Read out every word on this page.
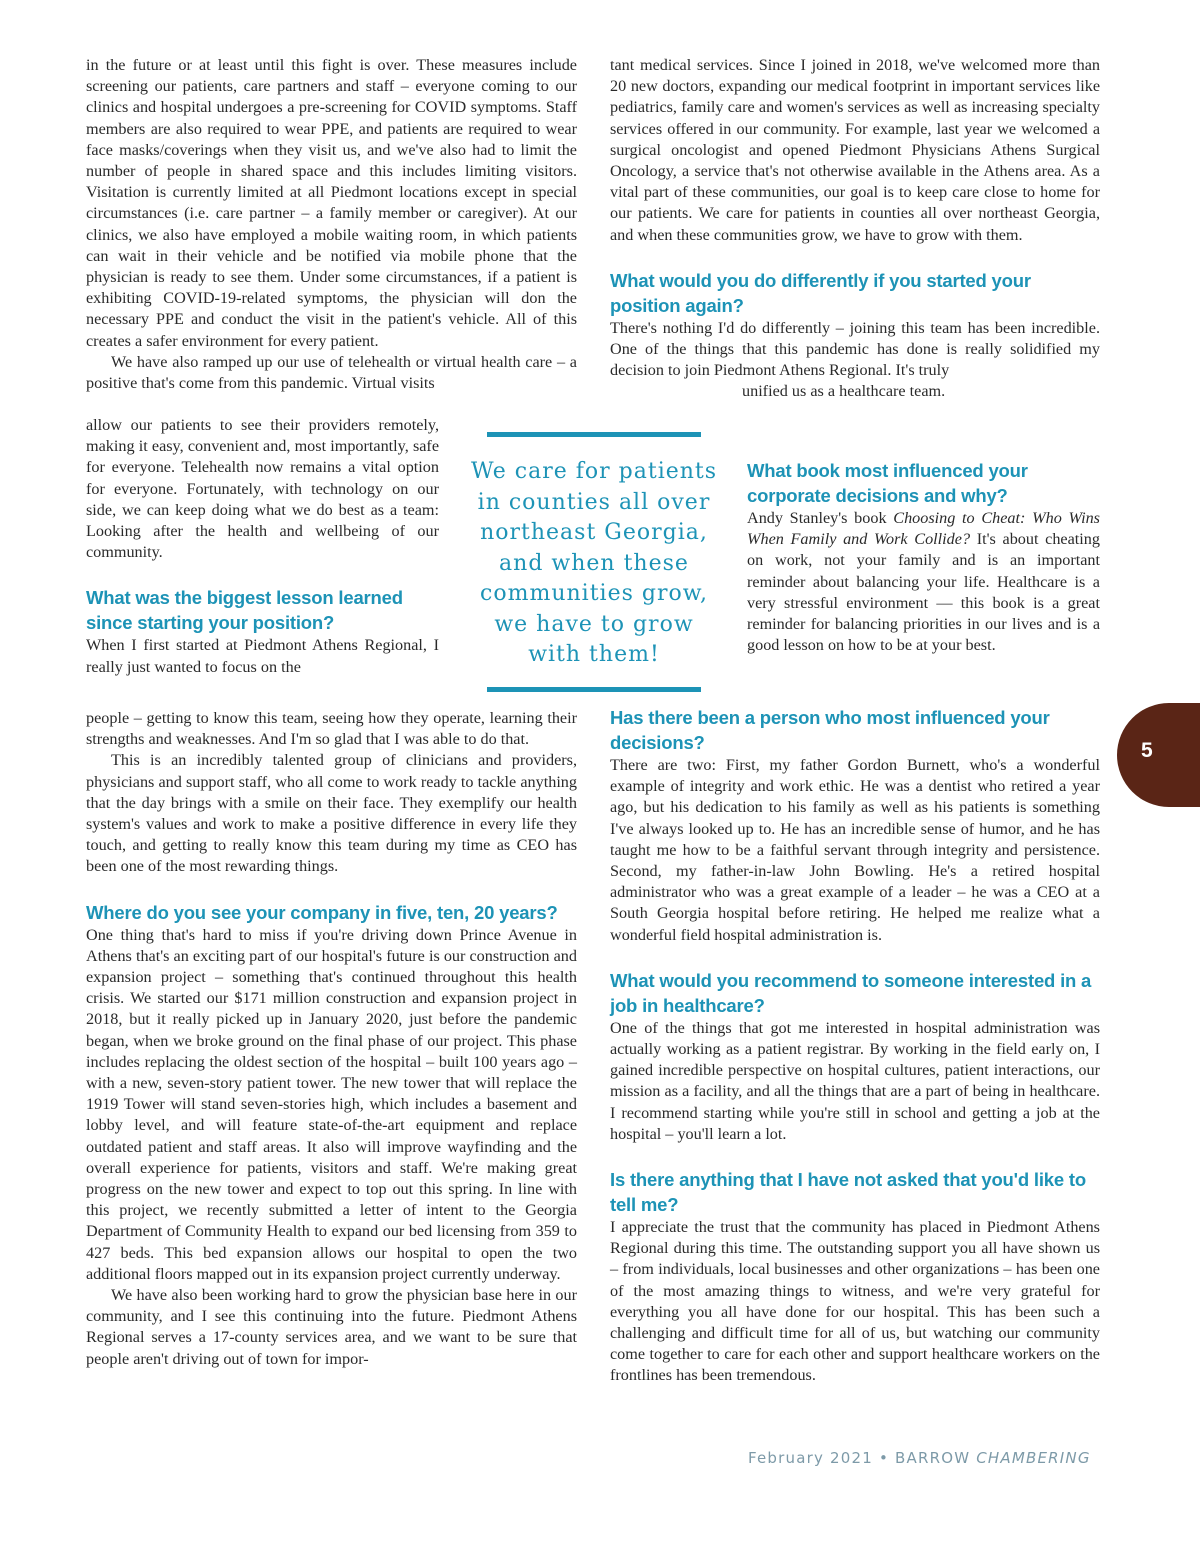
in the future or at least until this fight is over. These measures include screening our patients, care partners and staff – everyone coming to our clinics and hospital undergoes a pre-screening for COVID symptoms. Staff members are also required to wear PPE, and patients are required to wear face masks/coverings when they visit us, and we've also had to limit the number of people in shared space and this includes limiting visitors. Visitation is currently limited at all Piedmont locations except in special circumstances (i.e. care partner – a family member or caregiver). At our clinics, we also have employed a mobile waiting room, in which patients can wait in their vehicle and be notified via mobile phone that the physician is ready to see them. Under some circumstances, if a patient is exhibiting COVID-19-related symptoms, the physician will don the necessary PPE and conduct the visit in the patient's vehicle. All of this creates a safer environment for every patient.

We have also ramped up our use of telehealth or virtual health care – a positive that's come from this pandemic. Virtual visits

allow our patients to see their providers remotely, making it easy, convenient and, most importantly, safe for everyone. Telehealth now remains a vital option for everyone. Fortunately, with technology on our side, we can keep doing what we do best as a team: Looking after the health and wellbeing of our community.

What was the biggest lesson learned since starting your position?

When I first started at Piedmont Athens Regional, I really just wanted to focus on the

people – getting to know this team, seeing how they operate, learning their strengths and weaknesses. And I'm so glad that I was able to do that.

This is an incredibly talented group of clinicians and providers, physicians and support staff, who all come to work ready to tackle anything that the day brings with a smile on their face. They exemplify our health system's values and work to make a positive difference in every life they touch, and getting to really know this team during my time as CEO has been one of the most rewarding things.

Where do you see your company in five, ten, 20 years?

One thing that's hard to miss if you're driving down Prince Avenue in Athens that's an exciting part of our hospital's future is our construction and expansion project – something that's continued throughout this health crisis. We started our $171 million construction and expansion project in 2018, but it really picked up in January 2020, just before the pandemic began, when we broke ground on the final phase of our project. This phase includes replacing the oldest section of the hospital – built 100 years ago – with a new, seven-story patient tower. The new tower that will replace the 1919 Tower will stand seven-stories high, which includes a basement and lobby level, and will feature state-of-the-art equipment and replace outdated patient and staff areas. It also will improve wayfinding and the overall experience for patients, visitors and staff. We're making great progress on the new tower and expect to top out this spring. In line with this project, we recently submitted a letter of intent to the Georgia Department of Community Health to expand our bed licensing from 359 to 427 beds. This bed expansion allows our hospital to open the two additional floors mapped out in its expansion project currently underway.

We have also been working hard to grow the physician base here in our community, and I see this continuing into the future. Piedmont Athens Regional serves a 17-county services area, and we want to be sure that people aren't driving out of town for impor-

tant medical services. Since I joined in 2018, we've welcomed more than 20 new doctors, expanding our medical footprint in important services like pediatrics, family care and women's services as well as increasing specialty services offered in our community. For example, last year we welcomed a surgical oncologist and opened Piedmont Physicians Athens Surgical Oncology, a service that's not otherwise available in the Athens area. As a vital part of these communities, our goal is to keep care close to home for our patients. We care for patients in counties all over northeast Georgia, and when these communities grow, we have to grow with them.

What would you do differently if you started your position again?

There's nothing I'd do differently – joining this team has been incredible. One of the things that this pandemic has done is really solidified my decision to join Piedmont Athens Regional. It's truly

unified us as a healthcare team.

What book most influenced your corporate decisions and why?

Andy Stanley's book Choosing to Cheat: Who Wins When Family and Work Collide? It's about cheating on work, not your family and is an important reminder about balancing your life. Healthcare is a very stressful environment — this book is a great reminder for balancing priorities in our lives and is a good lesson on how to be at your best.

Has there been a person who most influenced your decisions?

There are two: First, my father Gordon Burnett, who's a wonderful example of integrity and work ethic. He was a dentist who retired a year ago, but his dedication to his family as well as his patients is something I've always looked up to. He has an incredible sense of humor, and he has taught me how to be a faithful servant through integrity and persistence. Second, my father-in-law John Bowling. He's a retired hospital administrator who was a great example of a leader – he was a CEO at a South Georgia hospital before retiring. He helped me realize what a wonderful field hospital administration is.

What would you recommend to someone interested in a job in healthcare?

One of the things that got me interested in hospital administration was actually working as a patient registrar. By working in the field early on, I gained incredible perspective on hospital cultures, patient interactions, our mission as a facility, and all the things that are a part of being in healthcare. I recommend starting while you're still in school and getting a job at the hospital – you'll learn a lot.

Is there anything that I have not asked that you'd like to tell me?

I appreciate the trust that the community has placed in Piedmont Athens Regional during this time. The outstanding support you all have shown us – from individuals, local businesses and other organizations – has been one of the most amazing things to witness, and we're very grateful for everything you all have done for our hospital. This has been such a challenging and difficult time for all of us, but watching our community come together to care for each other and support healthcare workers on the frontlines has been tremendous.

We care for patients in counties all over northeast Georgia, and when these communities grow, we have to grow with them!
5
February 2021 • BARROW CHAMBERING
